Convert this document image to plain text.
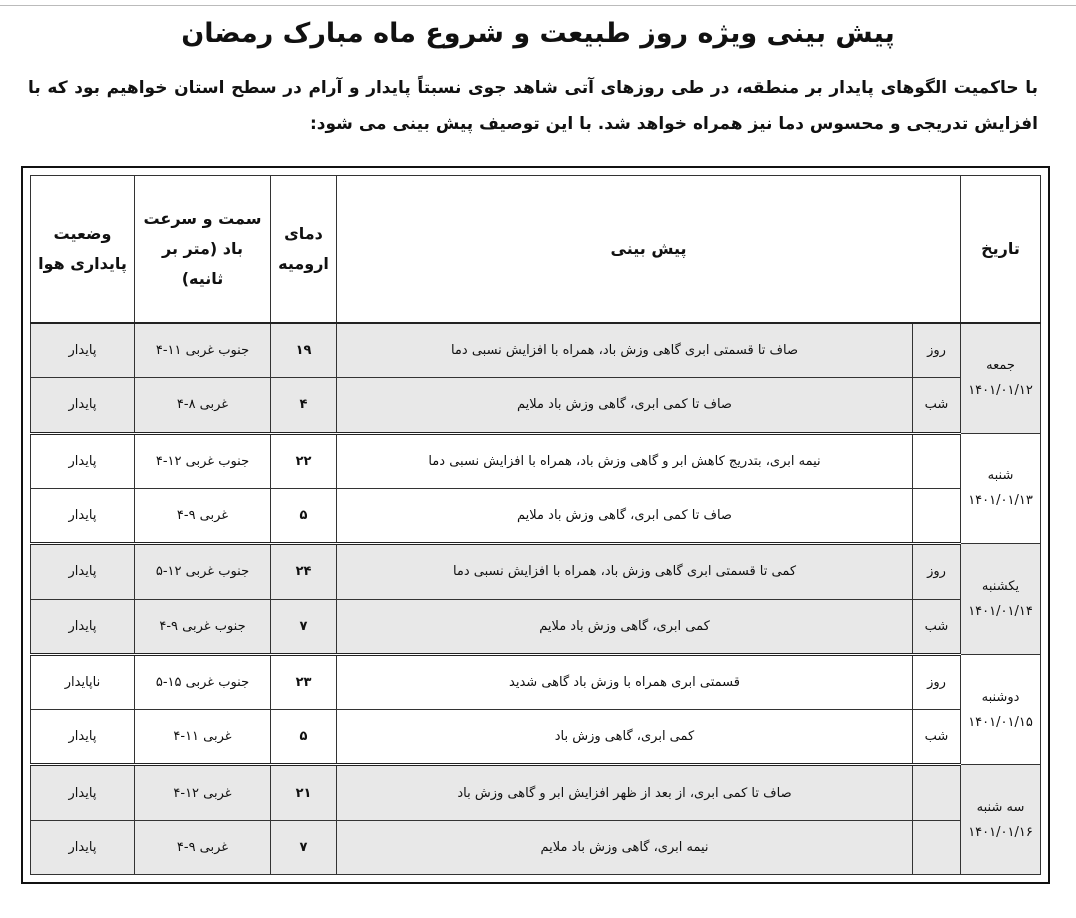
پیش بینی ویژه روز طبیعت و شروع ماه مبارک رمضان
با حاکمیت الگوهای پایدار بر منطقه، در طی روزهای آتی شاهد جوی نسبتاً پایدار و آرام در سطح استان خواهیم بود که با افزایش تدریجی و محسوس دما نیز همراه خواهد شد. با این توصیف پیش بینی می شود:
تاریخ	پیش بینی		دمای ارومیه	سمت و سرعت باد (متر بر ثانیه)	وضعیت پایداری هوا

جمعه
۱۴۰۱/۰۱/۱۲	روز	صاف تا قسمتی ابری گاهی وزش باد، همراه با افزایش نسبی دما	۱۹	جنوب غربی ۱۱-۴	پایدار
	شب	صاف تا کمی ابری، گاهی وزش باد ملایم	۴	غربی ۸-۴	پایدار

شنبه
۱۴۰۱/۰۱/۱۳		نیمه ابری، بتدریج کاهش ابر و گاهی وزش باد، همراه با افزایش نسبی دما	۲۲	جنوب غربی ۱۲-۴	پایدار
		صاف تا کمی ابری، گاهی وزش باد ملایم	۵	غربی ۹-۴	پایدار

یکشنبه
۱۴۰۱/۰۱/۱۴	روز	کمی تا قسمتی ابری گاهی وزش باد، همراه با افزایش نسبی دما	۲۴	جنوب غربی ۱۲-۵	پایدار
	شب	کمی ابری، گاهی وزش باد ملایم	۷	جنوب غربی ۹-۴	پایدار

دوشنبه
۱۴۰۱/۰۱/۱۵	روز	قسمتی ابری همراه با وزش باد گاهی شدید	۲۳	جنوب غربی ۱۵-۵	ناپایدار
	شب	کمی ابری، گاهی وزش باد	۵	غربی ۱۱-۴	پایدار

سه شنبه
۱۴۰۱/۰۱/۱۶		صاف تا کمی ابری، از بعد از ظهر افزایش ابر و گاهی وزش باد	۲۱	غربی ۱۲-۴	پایدار
		نیمه ابری، گاهی وزش باد ملایم	۷	غربی ۹-۴	پایدار
